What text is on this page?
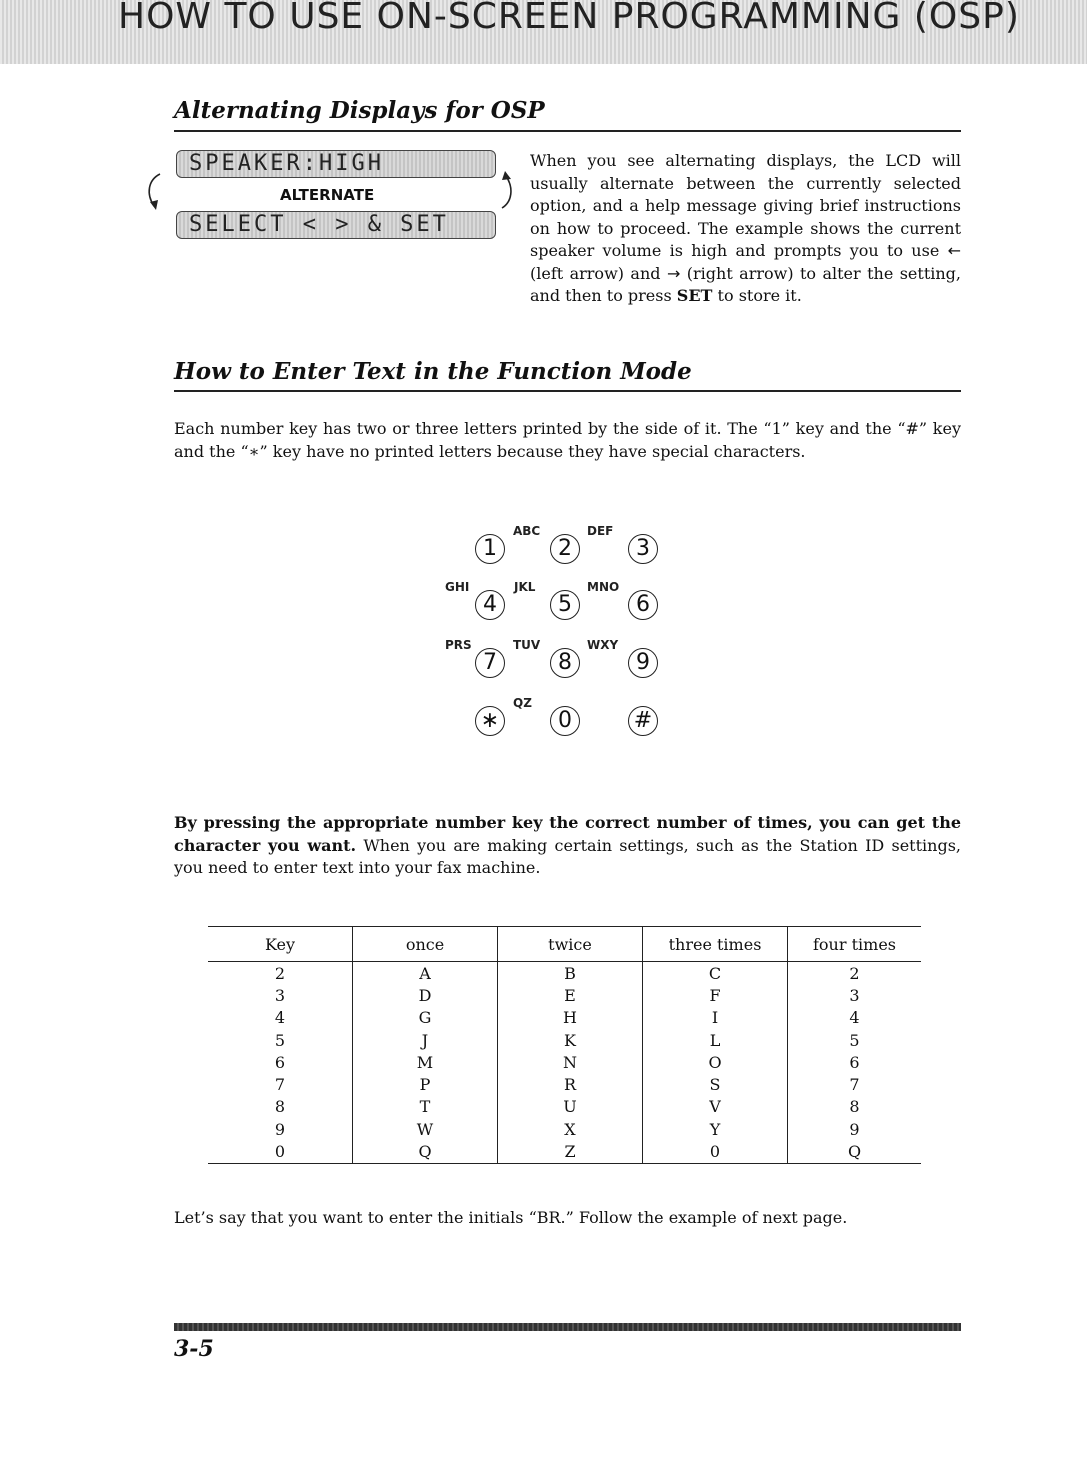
HOW TO USE ON-SCREEN PROGRAMMING (OSP)
Alternating Displays for OSP
SPEAKER:HIGH
ALTERNATE
SELECT < > & SET

When you see alternating displays, the LCD will usually alternate between the currently selected option, and a help message giving brief instructions on how to proceed. The example shows the current speaker volume is high and prompts you to use ← (left arrow) and → (right arrow) to alter the setting, and then to press SET to store it.

How to Enter Text in the Function Mode

Each number key has two or three letters printed by the side of it. The “1” key and the “#” key and the “∗” key have no printed letters because they have special characters.

1
ABC
2
DEF
3
GHI
4
JKL
5
MNO
6
PRS
7
TUV
8
WXY
9
∗
QZ
0	#

By pressing the appropriate number key the correct number of times, you can get the character you want. When you are making certain settings, such as the Station ID settings, you need to enter text into your fax machine.

Key	once	twice	three times	four times
2	A	B	C	2
3	D	E	F	3
4	G	H	I	4
5	J	K	L	5
6	M	N	O	6
7	P	R	S	7
8	T	U	V	8
9	W	X	Y	9
0	Q	Z	0	Q

Let’s say that you want to enter the initials “BR.” Follow the example of next page.

3-5
